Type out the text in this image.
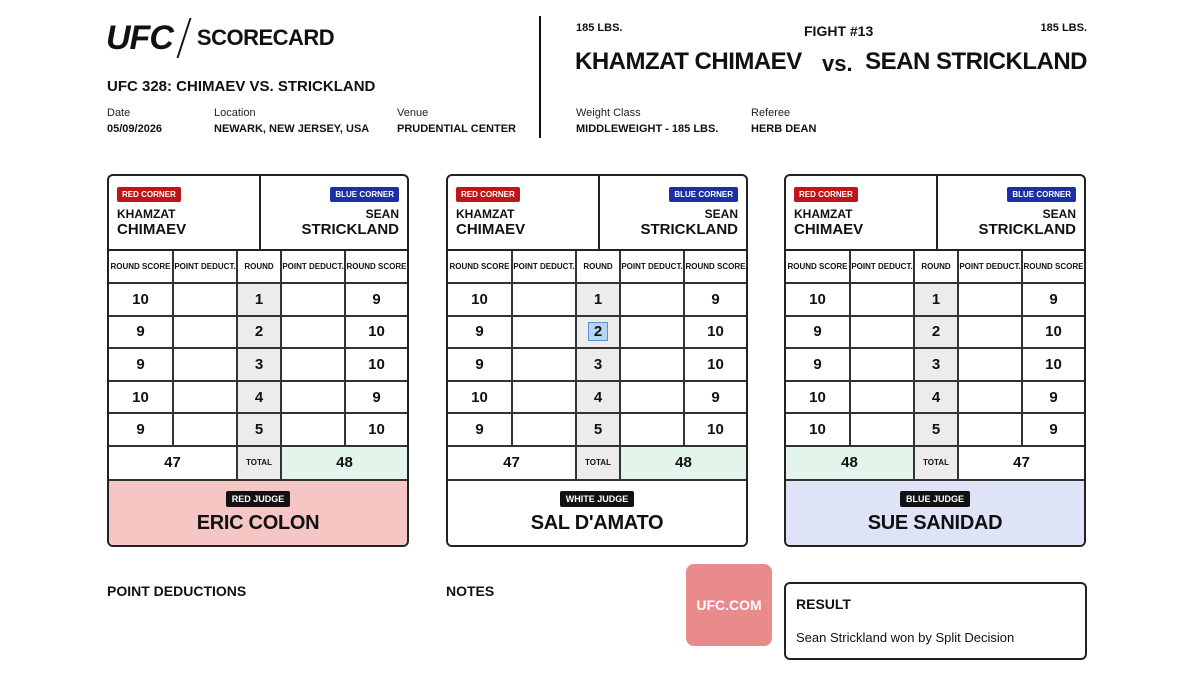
UFC SCORECARD
UFC 328: CHIMAEV VS. STRICKLAND
Date
05/09/2026
Location
NEWARK, NEW JERSEY, USA
Venue
PRUDENTIAL CENTER
185 LBS.	FIGHT #13	185 LBS.
KHAMZAT CHIMAEV vs. SEAN STRICKLAND
Weight Class
MIDDLEWEIGHT - 185 LBS.
Referee
HERB DEAN
RED CORNER
KHAMZAT
CHIMAEV
BLUE CORNER
SEAN
STRICKLAND
ROUND SCORE	POINT DEDUCT.	ROUND	POINT DEDUCT.	ROUND SCORE
10		1		9
9		2		10
9		3		10
10		4		9
9		5		10
47		TOTAL	48	
RED JUDGE
ERIC COLON
RED CORNER
KHAMZAT
CHIMAEV
BLUE CORNER
SEAN
STRICKLAND
ROUND SCORE	POINT DEDUCT.	ROUND	POINT DEDUCT.	ROUND SCORE
10		1		9
9		2		10
9		3		10
10		4		9
9		5		10
47		TOTAL	48	
WHITE JUDGE
SAL D'AMATO
RED CORNER
KHAMZAT
CHIMAEV
BLUE CORNER
SEAN
STRICKLAND
ROUND SCORE	POINT DEDUCT.	ROUND	POINT DEDUCT.	ROUND SCORE
10		1		9
9		2		10
9		3		10
10		4		9
10		5		9
48		TOTAL	47	
BLUE JUDGE
SUE SANIDAD
POINT DEDUCTIONS	NOTES
UFC.COM	RESULT
Sean Strickland won by Split Decision
